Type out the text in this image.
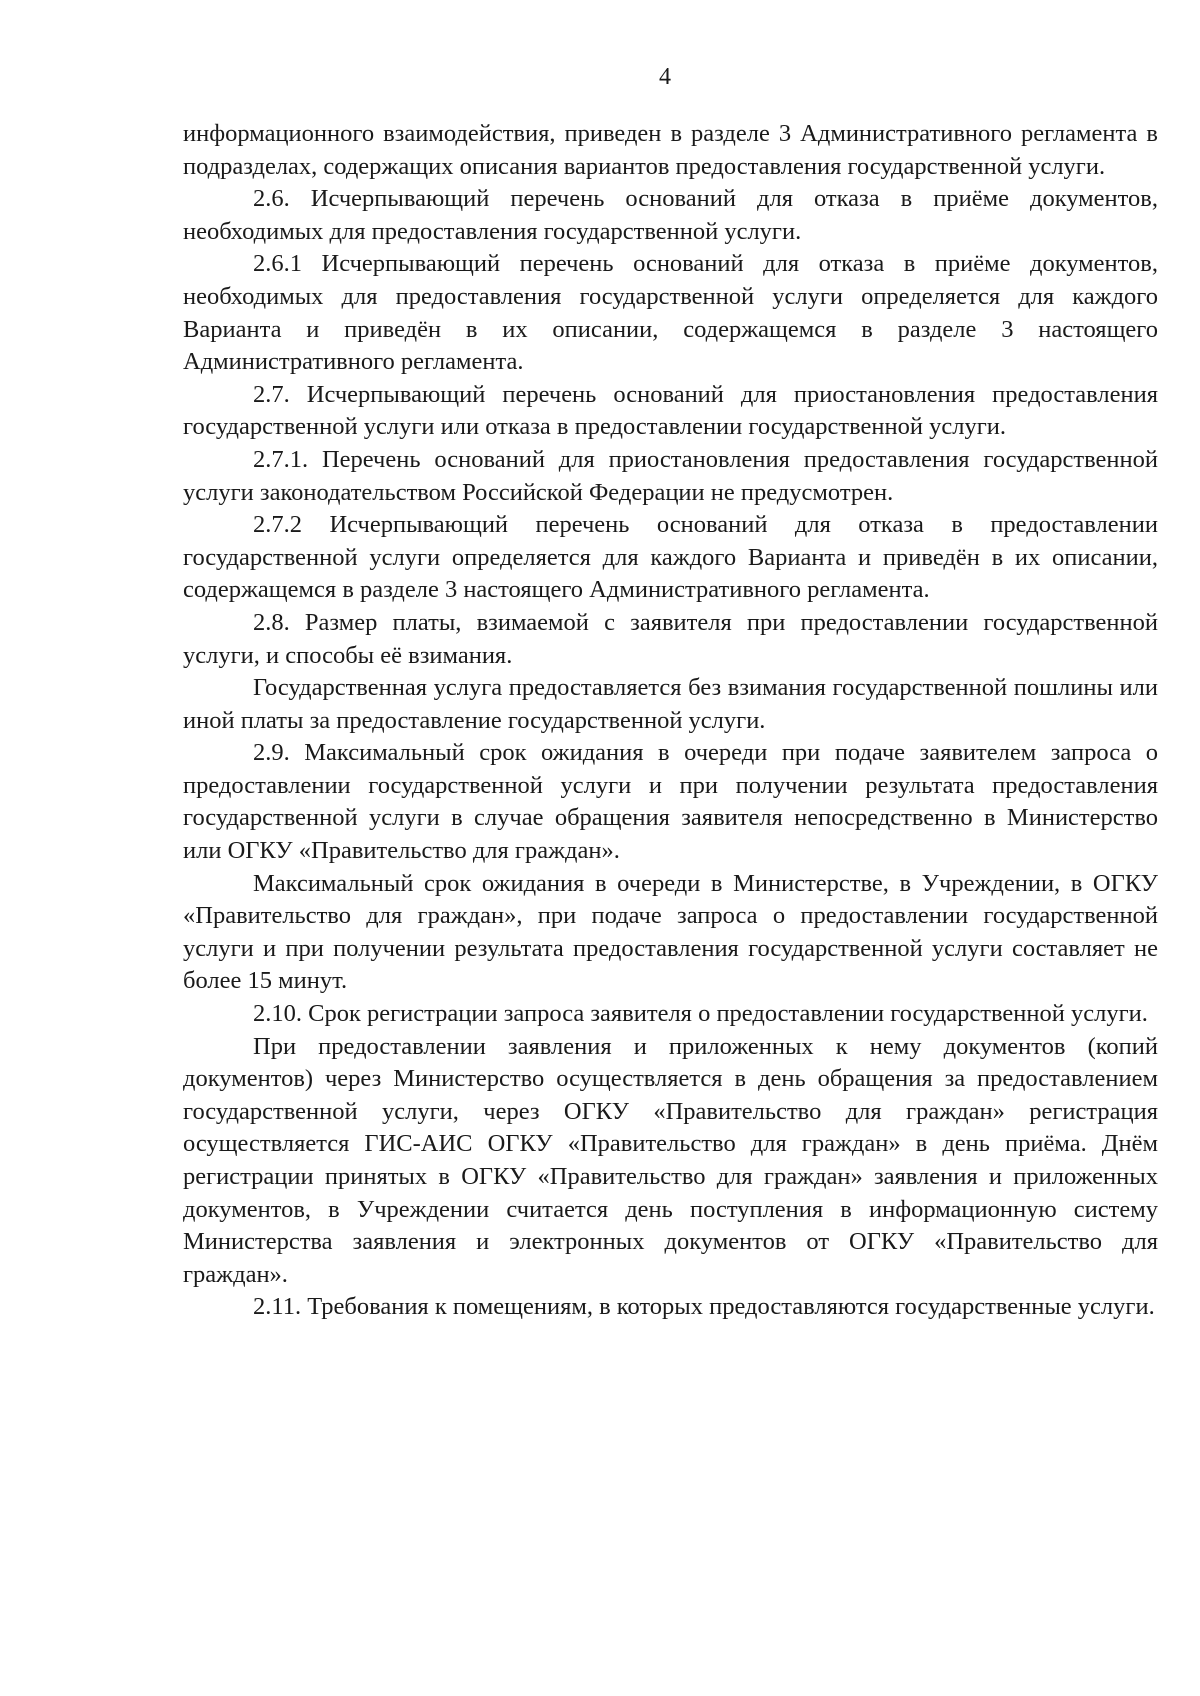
4

информационного взаимодействия, приведен в разделе 3 Административного регламента в подразделах, содержащих описания вариантов предоставления государственной услуги.

2.6. Исчерпывающий перечень оснований для отказа в приёме документов, необходимых для предоставления государственной услуги.

2.6.1 Исчерпывающий перечень оснований для отказа в приёме документов, необходимых для предоставления государственной услуги определяется для каждого Варианта и приведён в их описании, содержащемся в разделе 3 настоящего Административного регламента.

2.7. Исчерпывающий перечень оснований для приостановления предоставления государственной услуги или отказа в предоставлении государственной услуги.

2.7.1. Перечень оснований для приостановления предоставления государственной услуги законодательством Российской Федерации не предусмотрен.

2.7.2 Исчерпывающий перечень оснований для отказа в предоставлении государственной услуги определяется для каждого Варианта и приведён в их описании, содержащемся в разделе 3 настоящего Административного регламента.

2.8. Размер платы, взимаемой с заявителя при предоставлении государственной услуги, и способы её взимания.

Государственная услуга предоставляется без взимания государственной пошлины или иной платы за предоставление государственной услуги.

2.9. Максимальный срок ожидания в очереди при подаче заявителем запроса о предоставлении государственной услуги и при получении результата предоставления государственной услуги в случае обращения заявителя непосредственно в Министерство или ОГКУ «Правительство для граждан».

Максимальный срок ожидания в очереди в Министерстве, в Учреждении, в ОГКУ «Правительство для граждан», при подаче запроса о предоставлении государственной услуги и при получении результата предоставления государственной услуги составляет не более 15 минут.

2.10. Срок регистрации запроса заявителя о предоставлении государственной услуги.

При предоставлении заявления и приложенных к нему документов (копий документов) через Министерство осуществляется в день обращения за предоставлением государственной услуги, через ОГКУ «Правительство для граждан» регистрация осуществляется ГИС-АИС ОГКУ «Правительство для граждан» в день приёма. Днём регистрации принятых в ОГКУ «Правительство для граждан» заявления и приложенных документов, в Учреждении считается день поступления в информационную систему Министерства заявления и электронных документов от ОГКУ «Правительство для граждан».

2.11. Требования к помещениям, в которых предоставляются государственные услуги.
